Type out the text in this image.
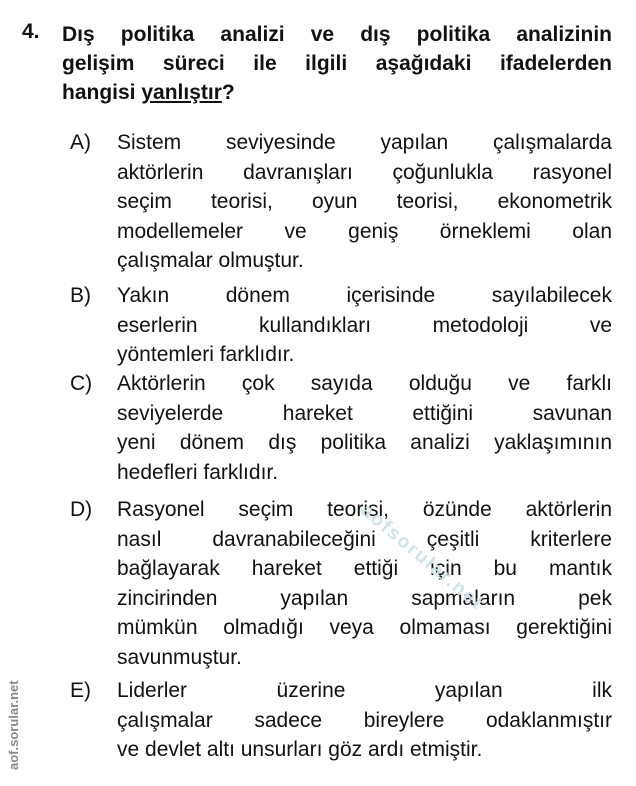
4. Dış politika analizi ve dış politika analizinin
gelişim süreci ile ilgili aşağıdaki ifadelerden
hangisi yanlıştır?
A) Sistem seviyesinde yapılan çalışmalarda
aktörlerin davranışları çoğunlukla rasyonel
seçim teorisi, oyun teorisi, ekonometrik
modellemeler ve geniş örneklemi olan
çalışmalar olmuştur.
B) Yakın dönem içerisinde sayılabilecek
eserlerin kullandıkları metodoloji ve
yöntemleri farklıdır.
C) Aktörlerin çok sayıda olduğu ve farklı
seviyelerde hareket ettiğini savunan
yeni dönem dış politika analizi yaklaşımının
hedefleri farklıdır.
D) Rasyonel seçim teorisi, özünde aktörlerin
nasıl davranabileceğini çeşitli kriterlere
bağlayarak hareket ettiği için bu mantık
zincirinden yapılan sapmaların pek
mümkün olmadığı veya olmaması gerektiğini
savunmuştur.
E) Liderler üzerine yapılan ilk
çalışmalar sadece bireylere odaklanmıştır
ve devlet altı unsurları göz ardı etmiştir.
aofsorular.net
aof.sorular.net
